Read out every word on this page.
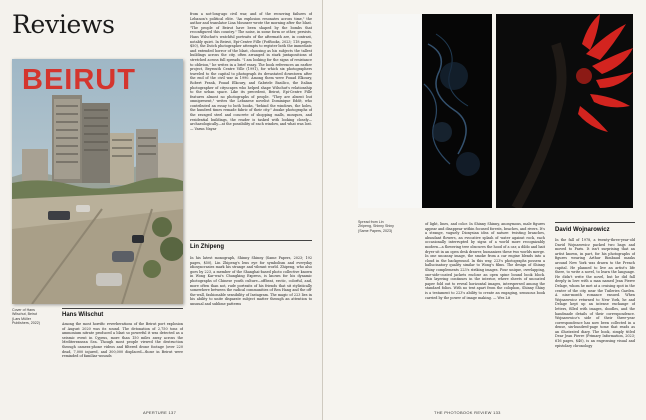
Reviews
BEIRUT
Cover of Hans Wilschut, Beirut (Lars Müller Publishers, 2022)
Hans Wilschut

Among the most horrific reverberations of the Beirut port explosion of August 2020 was its sound. The detonation of 2,750 tons of ammonium nitrate produced a blast so powerful it was detected as a seismic event in Cyprus, more than 150 miles away across the Mediterranean Sea. Though most people viewed the destruction through camera-phone videos and filtered drone footage (over 220 dead, 7,000 injured, and 300,000 displaced—those in Beirut were reminded of familiar wounds

from a not-long-ago civil war, and of the recurring failures of Lebanon's political elite. "An explosion resonates across time," the author and translator Lina Mounzer wrote the morning after the blast. "The people of Beirut have been shaped by the bombs that reconfigured this country." The noise, in some form or other, persists. Hans Wilschut's watchful portraits of the aftermath are, in contrast, notably quiet. In Beirut, Epi-Centre Fille (FotBooks, 2023; 118 pages, $50), the Dutch photographer attempts to register both the immediate and extended horror of the blast, choosing as his subjects the tallest buildings across the city, often arranged in stark juxtapositions of stretched across full spreads. "I am looking for the signs of resistance to oblivion," he writes in a brief essay. The book references an earlier project, Beyrouth Centre Ville (1991), for which six photographers traveled to the capital to photograph its devastated downtown after the end of the civil war in 1990. Among them were Fouad Elkoury, Robert Frank, Fouad Elkoury, and Gabriele Basilico, the Italian photographer of cityscapes who helped shape Wilschut's relationship to the urban space. Like its precedent, Beirut, Epi-Centre Fille features almost no photographs of people. "They are absent but omnipresent," writes the Lebanese novelist Dominique Eddé, who contributed an essay to both books, "behind the windows, the holes, the hundred times remade fabric of their city." Awake photographs of the ravaged steel and concrete of shopping malls, mosques, and residential buildings, the reader is tasked with looking closely—archaeologically—at the possibility of each window, and what was lost. — Varun Nayar

Lin Zhipeng

In his latest monograph, Shinny Shinny (Same Papers, 2023; 192 pages, $50), Lin Zhipeng's lens eye for symbolism and everyday idiosyncrasies mark his strange and vibrant world. Zhipeng, who also goes by 223, a member of the Shanghai-based photo collective known in Wong Kar-wai's Chungking Express, is known for his dynamic photographs of Chinese youth culture—offbeat, erotic, colorful, and, more often than not, rude portraits of his friends that sit stylistically somewhere between the radical communities of Ren Hang and the off-the-wall, fashionable sensibility of Instagram. The magic of 223 lies in his ability to unite disparate subject matter through an attention to unusual and sublime patterns

APERTURE 137
Spread from Lin Zhipeng, Shinny Shiny (Same Papers, 2023)

of light, lines, and color. In Shinny Shinny, anonymous, male figures appear and disappear within focused forests, beaches, and rivers. It's a strange, vaguely Dionysian idea of nature: twisting branches, abundant flowers, an evocative splash of water against rock, each occasionally interrupted by signs of a world more recognizably modern—a flowering tree obscures the hood of a car, a dildo and bait dryer sit in an open desk drawer, humanizes these two worlds merge. In one uncanny image, the smoke from a car engine blends into a cloud in the background. In this way, 223's photographs possess a hallucinatory quality similar to Wong's films. The design of Shinny Shiny complements 223's striking images. Four unique, overlapping, one-side-coated jackets enclose an open spine bound book block. This layering continues in the interior, where sheets of uncoated paper fold out to reveal horizontal images, interspersed among the standard folios. With no text apart from the colophon, Shinny Shiny is a testament to 223's ability to create an engaging, sensuous book carried by the power of image making. — Wes Lit

David Wojnarowicz

In the fall of 1978, a twenty-three-year-old David Wojnarowicz packed two bags and moved to Paris. It isn't surprising that an artist known, in part, for his photographs of figures wearing Arthur Rimbaud masks around New York was drawn to the French capital. He planned to live an artist's life there, to write a novel, to learn the language. He didn't write the novel, but he did fall deeply in love with a man named Jean Pierre Delage, whom he met at a cruising spot in the center of the city, near the Tuileries Garden. A nine-month romance ensued. When Wojnarowicz returned to New York, he and Delage kept up an intense exchange of letters, filled with images, doodles, and the handmade details of their correspondence. Wojnarowicz's side of their three-year correspondence has now been collected in a dense, six-hundred-page tome that reads as an illustrated diary. The book, simply titled Dear Jean Pierre (Primary Information, 2023; 616 pages, $40), is an engrossing visual and epistolary chronology

THE PHOTOBOOK REVIEW 133
